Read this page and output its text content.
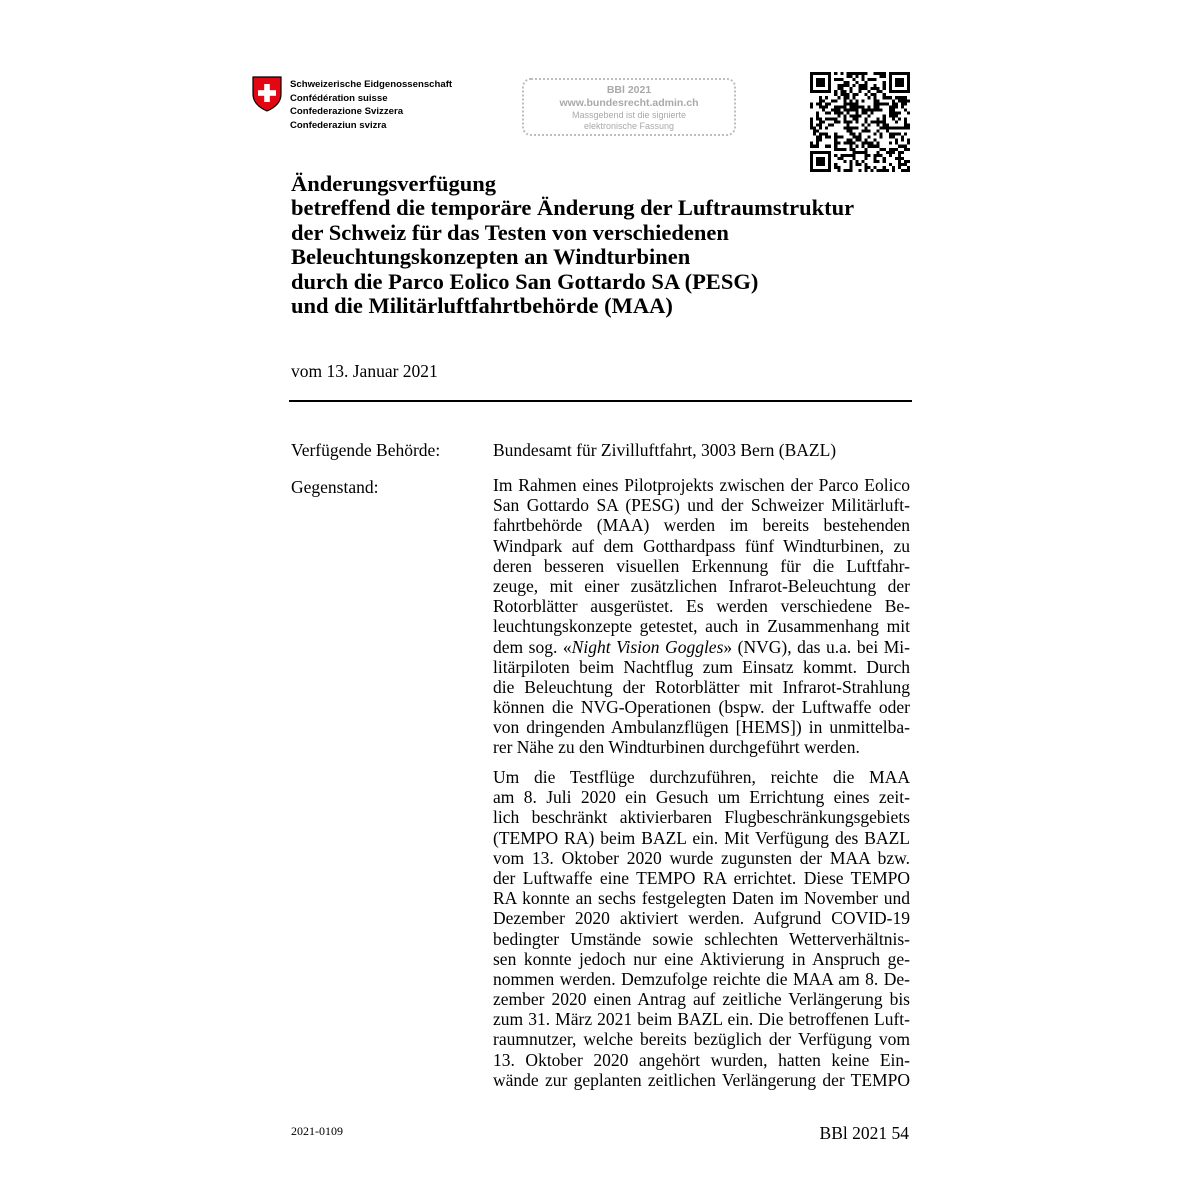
Schweizerische Eidgenossenschaft
Confédération suisse
Confederazione Svizzera
Confederaziun svizra
BBl 2021
www.bundesrecht.admin.ch
Massgebend ist die signierte
elektronische Fassung
Änderungsverfügung
betreffend die temporäre Änderung der Luftraumstruktur
der Schweiz für das Testen von verschiedenen
Beleuchtungskonzepten an Windturbinen
durch die Parco Eolico San Gottardo SA (PESG)
und die Militärluftfahrtbehörde (MAA)
vom 13. Januar 2021
Verfügende Behörde:	Bundesamt für Zivilluftfahrt, 3003 Bern (BAZL)
Gegenstand:	Im Rahmen eines Pilotprojekts zwischen der Parco Eolico
San Gottardo SA (PESG) und der Schweizer Militärluft-
fahrtbehörde (MAA) werden im bereits bestehenden
Windpark auf dem Gotthardpass fünf Windturbinen, zu
deren besseren visuellen Erkennung für die Luftfahr-
zeuge, mit einer zusätzlichen Infrarot-Beleuchtung der
Rotorblätter ausgerüstet. Es werden verschiedene Be-
leuchtungskonzepte getestet, auch in Zusammenhang mit
dem sog. «Night Vision Goggles» (NVG), das u.a. bei Mi-
litärpiloten beim Nachtflug zum Einsatz kommt. Durch
die Beleuchtung der Rotorblätter mit Infrarot-Strahlung
können die NVG-Operationen (bspw. der Luftwaffe oder
von dringenden Ambulanzflügen [HEMS]) in unmittelba-
rer Nähe zu den Windturbinen durchgeführt werden.
Um die Testflüge durchzuführen, reichte die MAA
am 8. Juli 2020 ein Gesuch um Errichtung eines zeit-
lich beschränkt aktivierbaren Flugbeschränkungsgebiets
(TEMPO RA) beim BAZL ein. Mit Verfügung des BAZL
vom 13. Oktober 2020 wurde zugunsten der MAA bzw.
der Luftwaffe eine TEMPO RA errichtet. Diese TEMPO
RA konnte an sechs festgelegten Daten im November und
Dezember 2020 aktiviert werden. Aufgrund COVID-19
bedingter Umstände sowie schlechten Wetterverhältnis-
sen konnte jedoch nur eine Aktivierung in Anspruch ge-
nommen werden. Demzufolge reichte die MAA am 8. De-
zember 2020 einen Antrag auf zeitliche Verlängerung bis
zum 31. März 2021 beim BAZL ein. Die betroffenen Luft-
raumnutzer, welche bereits bezüglich der Verfügung vom
13. Oktober 2020 angehört wurden, hatten keine Ein-
wände zur geplanten zeitlichen Verlängerung der TEMPO
2021-0109	BBl 2021 54
